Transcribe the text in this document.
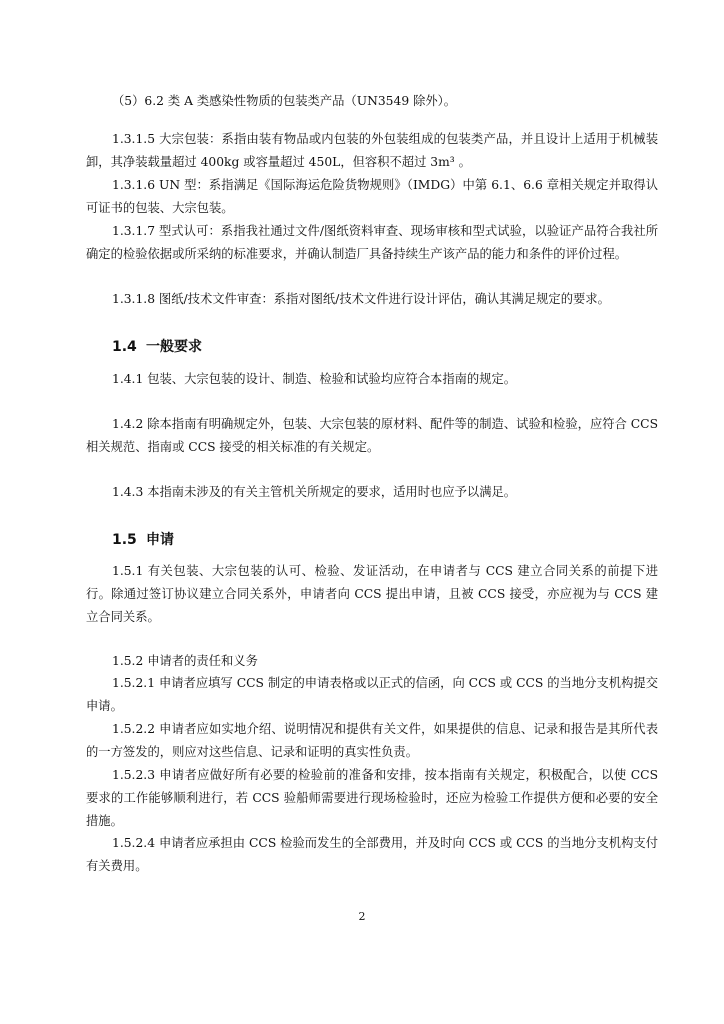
（5）6.2 类 A 类感染性物质的包装类产品（UN3549 除外）。

1.3.1.5 大宗包装：系指由装有物品或内包装的外包装组成的包装类产品，并且设计上适用于机械装卸，其净装载量超过 400kg 或容量超过 450L，但容积不超过 3m³ 。

1.3.1.6 UN 型：系指满足《国际海运危险货物规则》（IMDG）中第 6.1、6.6 章相关规定并取得认可证书的包装、大宗包装。

1.3.1.7 型式认可：系指我社通过文件/图纸资料审查、现场审核和型式试验，以验证产品符合我社所确定的检验依据或所采纳的标准要求，并确认制造厂具备持续生产该产品的能力和条件的评价过程。

1.3.1.8 图纸/技术文件审查：系指对图纸/技术文件进行设计评估，确认其满足规定的要求。

1.4 一般要求

1.4.1 包装、大宗包装的设计、制造、检验和试验均应符合本指南的规定。

1.4.2 除本指南有明确规定外，包装、大宗包装的原材料、配件等的制造、试验和检验，应符合 CCS 相关规范、指南或 CCS 接受的相关标准的有关规定。

1.4.3 本指南未涉及的有关主管机关所规定的要求，适用时也应予以满足。

1.5 申请

1.5.1 有关包装、大宗包装的认可、检验、发证活动，在申请者与 CCS 建立合同关系的前提下进行。除通过签订协议建立合同关系外，申请者向 CCS 提出申请，且被 CCS 接受，亦应视为与 CCS 建立合同关系。

1.5.2 申请者的责任和义务

1.5.2.1 申请者应填写 CCS 制定的申请表格或以正式的信函，向 CCS 或 CCS 的当地分支机构提交申请。

1.5.2.2 申请者应如实地介绍、说明情况和提供有关文件，如果提供的信息、记录和报告是其所代表的一方签发的，则应对这些信息、记录和证明的真实性负责。

1.5.2.3 申请者应做好所有必要的检验前的准备和安排，按本指南有关规定，积极配合，以使 CCS 要求的工作能够顺利进行，若 CCS 验船师需要进行现场检验时，还应为检验工作提供方便和必要的安全措施。

1.5.2.4 申请者应承担由 CCS 检验而发生的全部费用，并及时向 CCS 或 CCS 的当地分支机构支付有关费用。

2
